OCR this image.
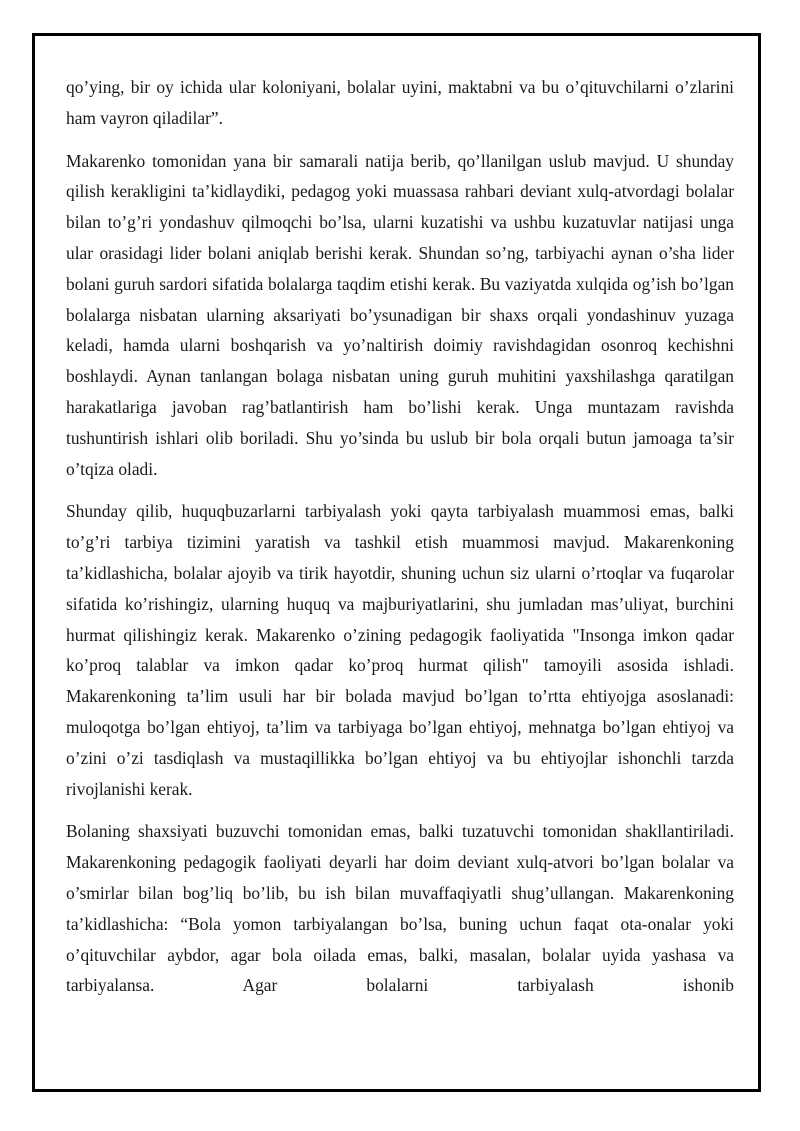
qo’ying, bir oy ichida ular koloniyani, bolalar uyini, maktabni va bu o’qituvchilarni o’zlarini ham vayron qiladilar”.

Makarenko tomonidan yana bir samarali natija berib, qo’llanilgan uslub mavjud. U shunday qilish kerakligini ta’kidlaydiki, pedagog yoki muassasa rahbari deviant xulq-atvordagi bolalar bilan to’g’ri yondashuv qilmoqchi bo’lsa, ularni kuzatishi va ushbu kuzatuvlar natijasi unga ular orasidagi lider bolani aniqlab berishi kerak. Shundan so’ng, tarbiyachi aynan o’sha lider bolani guruh sardori sifatida bolalarga taqdim etishi kerak. Bu vaziyatda xulqida og’ish bo’lgan bolalarga nisbatan ularning aksariyati bo’ysunadigan bir shaxs orqali yondashinuv yuzaga keladi, hamda ularni boshqarish va yo’naltirish doimiy ravishdagidan osonroq kechishni boshlaydi. Aynan tanlangan bolaga nisbatan uning guruh muhitini yaxshilashga qaratilgan harakatlariga javoban rag’batlantirish ham bo’lishi kerak. Unga muntazam ravishda tushuntirish ishlari olib boriladi. Shu yo’sinda bu uslub bir bola orqali butun jamoaga ta’sir o’tqiza oladi.

Shunday qilib, huquqbuzarlarni tarbiyalash yoki qayta tarbiyalash muammosi emas, balki to’g’ri tarbiya tizimini yaratish va tashkil etish muammosi mavjud. Makarenkoning ta’kidlashicha, bolalar ajoyib va tirik hayotdir, shuning uchun siz ularni o’rtoqlar va fuqarolar sifatida ko’rishingiz, ularning huquq va majburiyatlarini, shu jumladan mas’uliyat, burchini hurmat qilishingiz kerak. Makarenko o’zining pedagogik faoliyatida "Insonga imkon qadar ko’proq talablar va imkon qadar ko’proq hurmat qilish" tamoyili asosida ishladi. Makarenkoning ta’lim usuli har bir bolada mavjud bo’lgan to’rtta ehtiyojga asoslanadi: muloqotga bo’lgan ehtiyoj, ta’lim va tarbiyaga bo’lgan ehtiyoj, mehnatga bo’lgan ehtiyoj va o’zini o’zi tasdiqlash va mustaqillikka bo’lgan ehtiyoj va bu ehtiyojlar ishonchli tarzda rivojlanishi kerak.

Bolaning shaxsiyati buzuvchi tomonidan emas, balki tuzatuvchi tomonidan shakllantiriladi. Makarenkoning pedagogik faoliyati deyarli har doim deviant xulq-atvori bo’lgan bolalar va o’smirlar bilan bog’liq bo’lib, bu ish bilan muvaffaqiyatli shug’ullangan. Makarenkoning ta’kidlashicha: “Bola yomon tarbiyalangan bo’lsa, buning uchun faqat ota-onalar yoki o’qituvchilar aybdor, agar bola oilada emas, balki, masalan, bolalar uyida yashasa va tarbiyalansa. Agar bolalarni tarbiyalash ishonib
